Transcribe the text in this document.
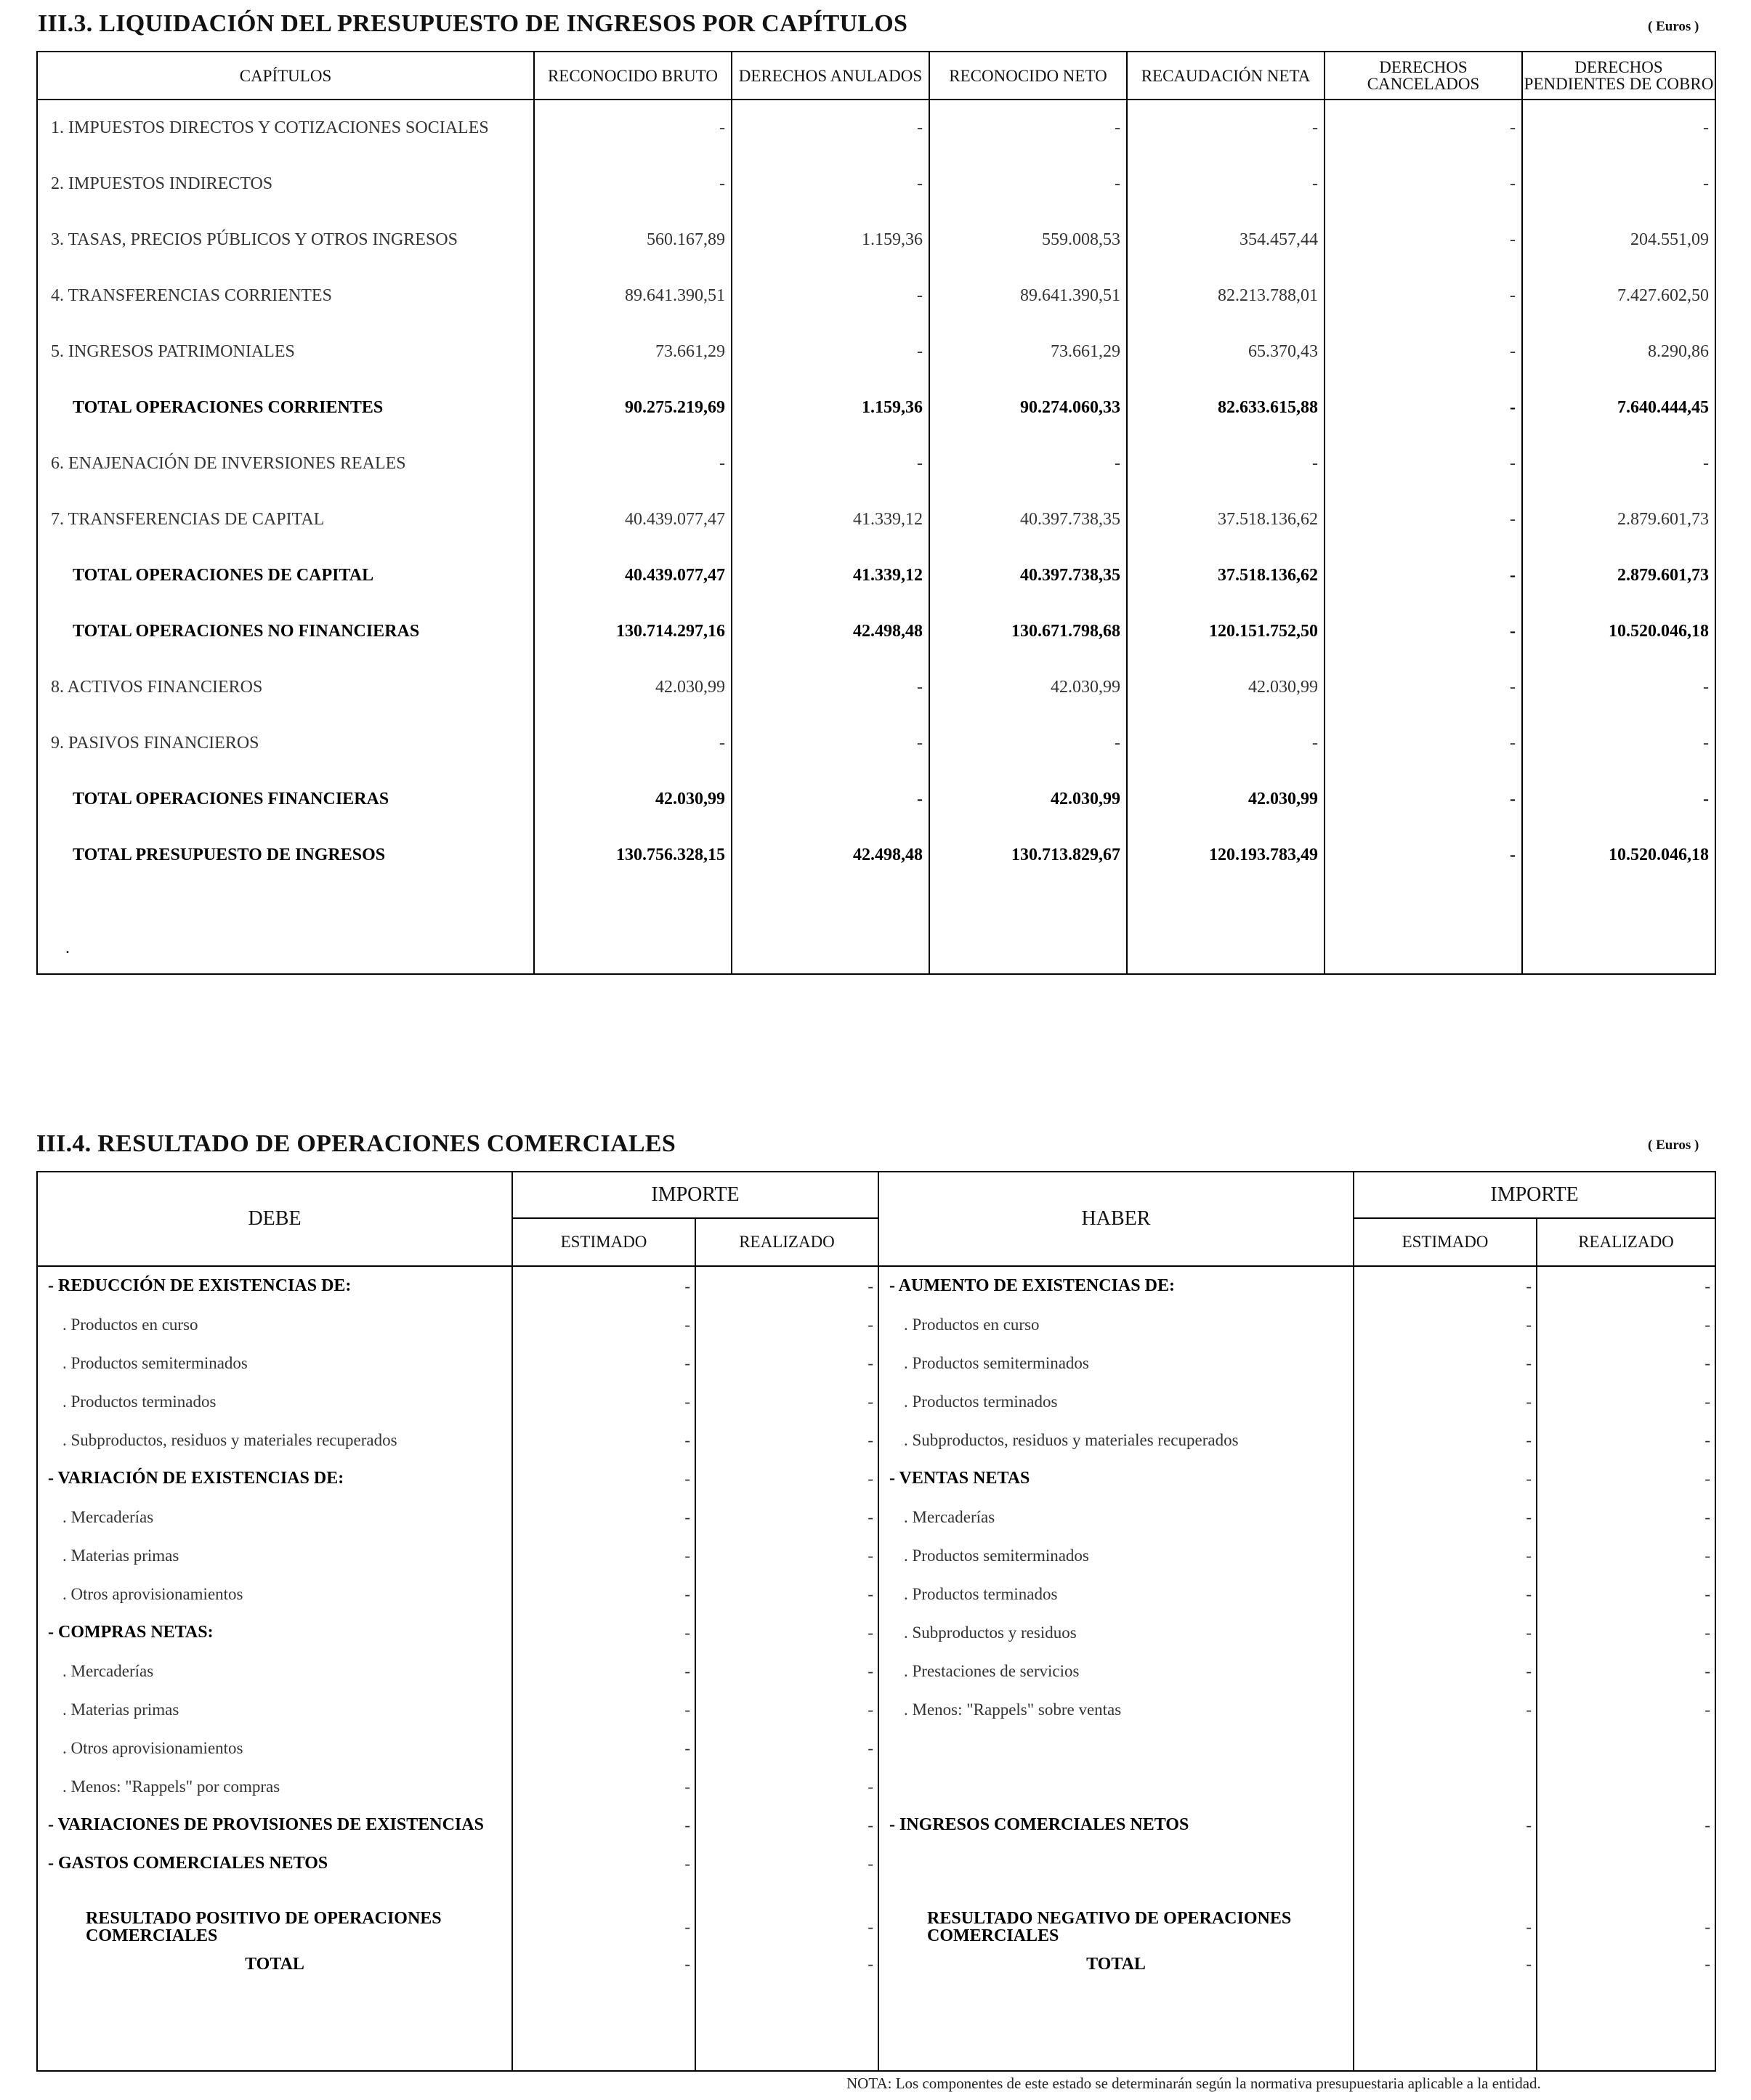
III.3. LIQUIDACIÓN DEL PRESUPUESTO DE INGRESOS POR CAPÍTULOS	( Euros )
CAPÍTULOS	RECONOCIDO BRUTO	DERECHOS ANULADOS	RECONOCIDO NETO	RECAUDACIÓN NETA	DERECHOS CANCELADOS	DERECHOS PENDIENTES DE COBRO
1. IMPUESTOS DIRECTOS Y COTIZACIONES SOCIALES	-	-	-	-	-	-
2. IMPUESTOS INDIRECTOS	-	-	-	-	-	-
3. TASAS, PRECIOS PÚBLICOS Y OTROS INGRESOS	560.167,89	1.159,36	559.008,53	354.457,44	-	204.551,09
4. TRANSFERENCIAS CORRIENTES	89.641.390,51	-	89.641.390,51	82.213.788,01	-	7.427.602,50
5. INGRESOS PATRIMONIALES	73.661,29	-	73.661,29	65.370,43	-	8.290,86
TOTAL OPERACIONES CORRIENTES	90.275.219,69	1.159,36	90.274.060,33	82.633.615,88	-	7.640.444,45
6. ENAJENACIÓN DE INVERSIONES REALES	-	-	-	-	-	-
7. TRANSFERENCIAS DE CAPITAL	40.439.077,47	41.339,12	40.397.738,35	37.518.136,62	-	2.879.601,73
TOTAL OPERACIONES DE CAPITAL	40.439.077,47	41.339,12	40.397.738,35	37.518.136,62	-	2.879.601,73
TOTAL OPERACIONES NO FINANCIERAS	130.714.297,16	42.498,48	130.671.798,68	120.151.752,50	-	10.520.046,18
8. ACTIVOS FINANCIEROS	42.030,99	-	42.030,99	42.030,99	-	-
9. PASIVOS FINANCIEROS	-	-	-	-	-	-
TOTAL OPERACIONES FINANCIERAS	42.030,99	-	42.030,99	42.030,99	-	-
TOTAL PRESUPUESTO DE INGRESOS	130.756.328,15	42.498,48	130.713.829,67	120.193.783,49	-	10.520.046,18

.
III.4. RESULTADO DE OPERACIONES COMERCIALES	( Euros )
DEBE	IMPORTE		HABER	IMPORTE	
	ESTIMADO	REALIZADO		ESTIMADO	REALIZADO
- REDUCCIÓN DE EXISTENCIAS DE:	-	-	- AUMENTO DE EXISTENCIAS DE:	-	-
. Productos en curso	-	-	. Productos en curso	-	-
. Productos semiterminados	-	-	. Productos semiterminados	-	-
. Productos terminados	-	-	. Productos terminados	-	-
. Subproductos, residuos y materiales recuperados	-	-	. Subproductos, residuos y materiales recuperados	-	-
- VARIACIÓN DE EXISTENCIAS DE:	-	-	- VENTAS NETAS	-	-
. Mercaderías	-	-	. Mercaderías	-	-
. Materias primas	-	-	. Productos semiterminados	-	-
. Otros aprovisionamientos	-	-	. Productos terminados	-	-
- COMPRAS NETAS:	-	-	. Subproductos y residuos	-	-
. Mercaderías	-	-	. Prestaciones de servicios	-	-
. Materias primas	-	-	. Menos: "Rappels" sobre ventas	-	-
. Otros aprovisionamientos	-	-			
. Menos: "Rappels" por compras	-	-			
- VARIACIONES DE PROVISIONES DE EXISTENCIAS	-	-	- INGRESOS COMERCIALES NETOS	-	-
- GASTOS COMERCIALES NETOS	-	-			

RESULTADO POSITIVO DE OPERACIONES COMERCIALES	-	-	RESULTADO NEGATIVO DE OPERACIONES COMERCIALES	-	-
TOTAL	-	-	TOTAL	-	-

NOTA: Los componentes de este estado se determinarán según la normativa presupuestaria aplicable a la entidad.
